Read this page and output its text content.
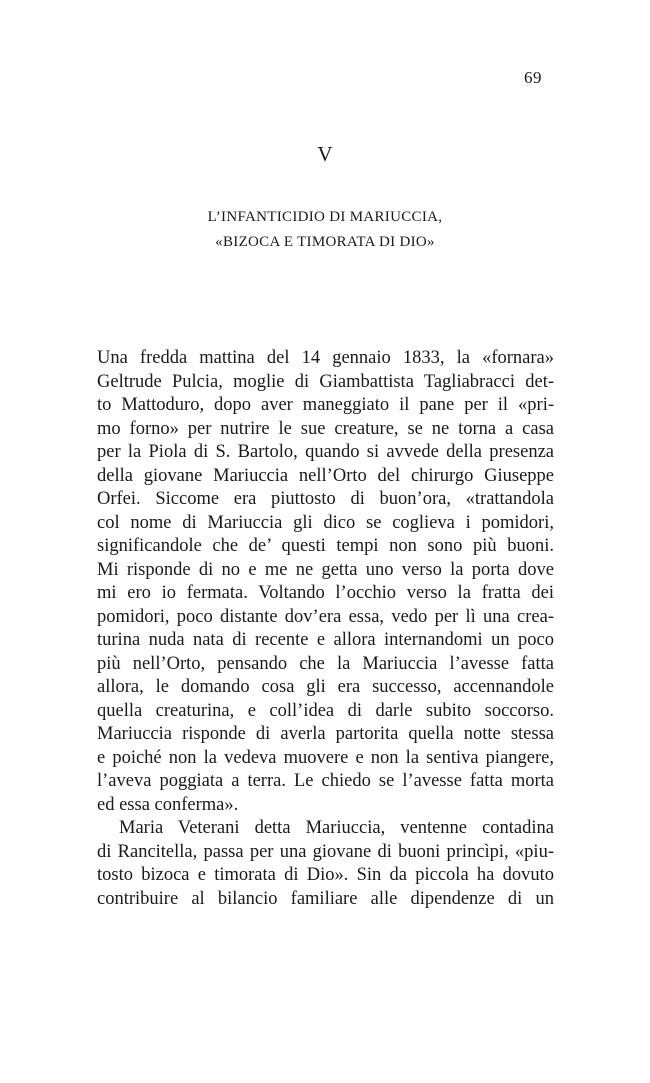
69
V
L’INFANTICIDIO DI MARIUCCIA,
«BIZOCA E TIMORATA DI DIO»
Una fredda mattina del 14 gennaio 1833, la «fornara»
Geltrude Pulcia, moglie di Giambattista Tagliabracci det-
to Mattoduro, dopo aver maneggiato il pane per il «pri-
mo forno» per nutrire le sue creature, se ne torna a casa
per la Piola di S. Bartolo, quando si avvede della presenza
della giovane Mariuccia nell’Orto del chirurgo Giuseppe
Orfei. Siccome era piuttosto di buon’ora, «trattandola
col nome di Mariuccia gli dico se coglieva i pomidori,
significandole che de’ questi tempi non sono più buoni.
Mi risponde di no e me ne getta uno verso la porta dove
mi ero io fermata. Voltando l’occhio verso la fratta dei
pomidori, poco distante dov’era essa, vedo per lì una crea-
turina nuda nata di recente e allora internandomi un poco
più nell’Orto, pensando che la Mariuccia l’avesse fatta
allora, le domando cosa gli era successo, accennandole
quella creaturina, e coll’idea di darle subito soccorso.
Mariuccia risponde di averla partorita quella notte stessa
e poiché non la vedeva muovere e non la sentiva piangere,
l’aveva poggiata a terra. Le chiedo se l’avesse fatta morta
ed essa conferma».
Maria Veterani detta Mariuccia, ventenne contadina
di Rancitella, passa per una giovane di buoni princìpi, «piu-
tosto bizoca e timorata di Dio». Sin da piccola ha dovuto
contribuire al bilancio familiare alle dipendenze di un
